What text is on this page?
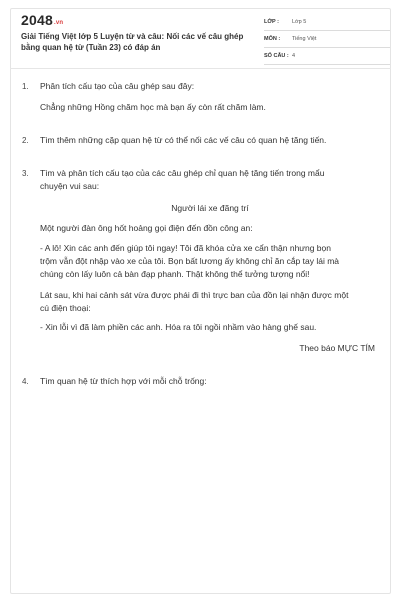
2048.vn
Giải Tiếng Việt lớp 5 Luyện từ và câu: Nối các vế câu ghép bằng quan hệ từ (Tuần 23) có đáp án
LỚP : Lớp 5
MÔN : Tiếng Việt
SỐ CÂU : 4
1. Phân tích cấu tạo của câu ghép sau đây:
Chẳng những Hồng chăm học mà bạn ấy còn rất chăm làm.
2. Tìm thêm những cặp quan hệ từ có thể nối các vế câu có quan hệ tăng tiến.
3. Tìm và phân tích cấu tạo của các câu ghép chỉ quan hệ tăng tiến trong mẩu
chuyện vui sau:
Người lái xe đãng trí
Một người đàn ông hốt hoảng gọi điện đến đồn công an:
- A lô! Xin các anh đến giúp tôi ngay! Tôi đã khóa cửa xe cẩn thận nhưng bọn
trộm vẫn đột nhập vào xe của tôi. Bọn bất lương ấy không chỉ ăn cắp tay lái mà
chúng còn lấy luôn cả bàn đạp phanh. Thật không thể tưởng tượng nổi!
Lát sau, khi hai cảnh sát vừa được phái đi thì trực ban của đồn lại nhận được một
cú điện thoại:
- Xin lỗi vì đã làm phiền các anh. Hóa ra tôi ngồi nhầm vào hàng ghế sau.
Theo báo MỰC TÍM
4. Tìm quan hệ từ thích hợp với mỗi chỗ trống:
